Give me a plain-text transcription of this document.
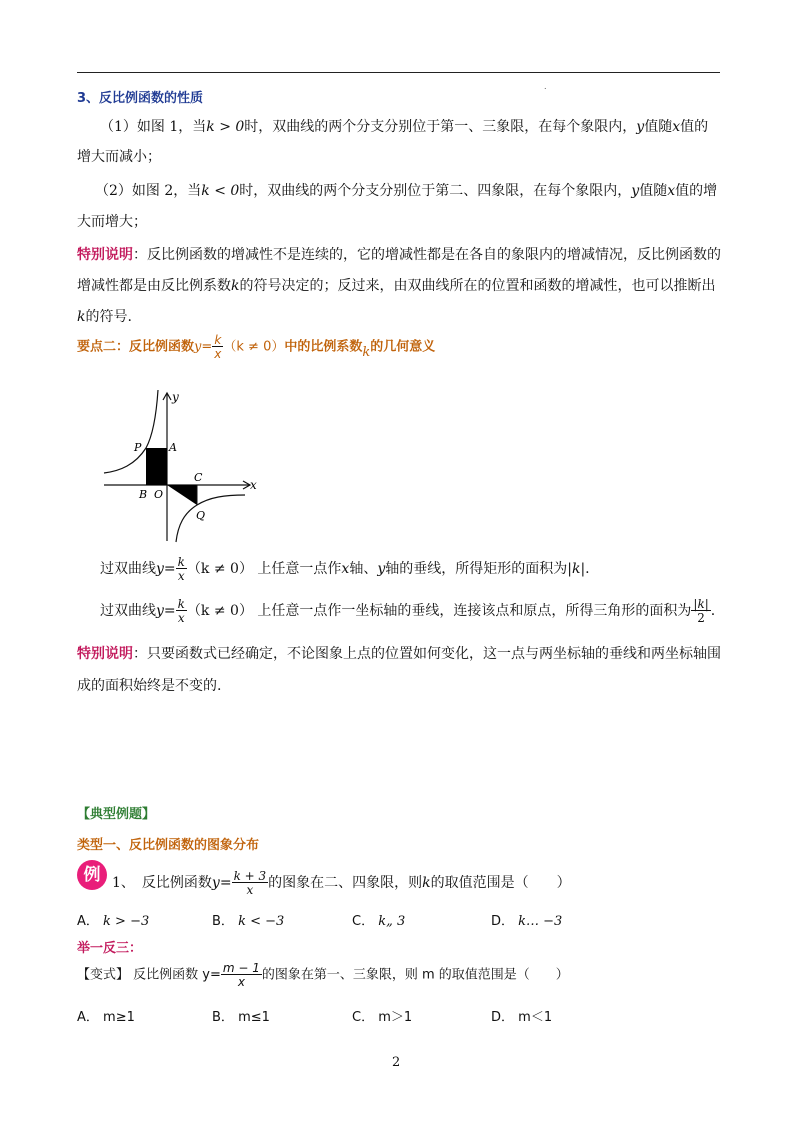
.
3、反比例函数的性质
（1）如图 1，当k > 0时，双曲线的两个分支分别位于第一、三象限，在每个象限内，y值随x值的
增大而减小；
（2）如图 2，当k < 0时，双曲线的两个分支分别位于第二、四象限，在每个象限内，y值随x值的增
大而增大；
特别说明：反比例函数的增减性不是连续的，它的增减性都是在各自的象限内的增减情况，反比例函数的
增减性都是由反比例系数k的符号决定的；反过来，由双曲线所在的位置和函数的增减性，也可以推断出
k的符号.
要点二：反比例函数$y= \frac{k}{x} (k \ne 0)$中的比例系数k的几何意义
y
x
P	A
B O
C
Q
过双曲线$y= \frac{k}{x} (k \ne 0)$ 上任意一点作x轴、y轴的垂线，所得矩形的面积为|k|.
过双曲线$y= \frac{k}{x} (k \ne 0)$ 上任意一点作一坐标轴的垂线，连接该点和原点，所得三角形的面积为 $\frac{|k|}{2}$ .
特别说明：只要函数式已经确定，不论图象上点的位置如何变化，这一点与两坐标轴的垂线和两坐标轴围
成的面积始终是不变的.
【典型例题】
类型一、反比例函数的图象分布
例 1、　 反比例函数$y= \frac{k + 3}{x}$ 的图象在二、四象限，则k的取值范围是（　　）
A． k > −3	B． k < −3	C． k„ 3	D． k… −3
举一反三：
【变式】 反比例函数 $y= \frac{m - 1}{x}$ 的图象在第一、三象限，则 m 的取值范围是（　　）
A． m≥1	B． m≤1	C． m＞1	D． m＜1
2
